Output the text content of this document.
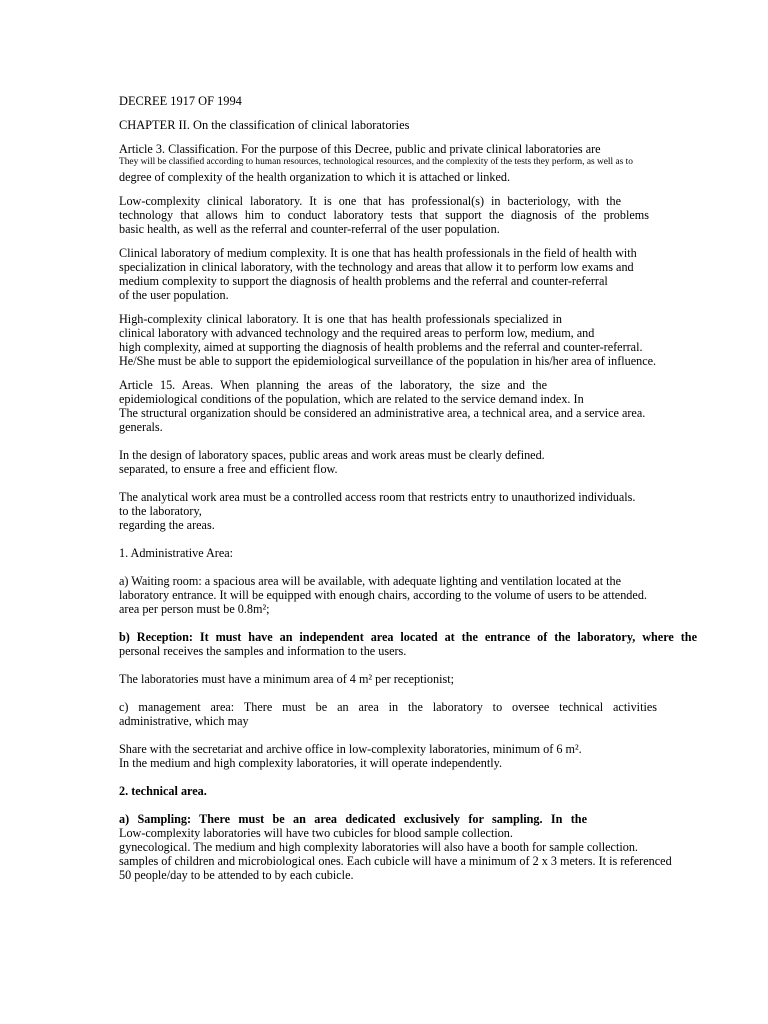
DECREE 1917 OF 1994

CHAPTER II. On the classification of clinical laboratories

Article 3. Classification. For the purpose of this Decree, public and private clinical laboratories are
They will be classified according to human resources, technological resources, and the complexity of the tests they perform, as well as to
degree of complexity of the health organization to which it is attached or linked.

Low-complexity clinical laboratory. It is one that has professional(s) in bacteriology, with the
technology that allows him to conduct laboratory tests that support the diagnosis of the problems
basic health, as well as the referral and counter-referral of the user population.

Clinical laboratory of medium complexity. It is one that has health professionals in the field of health with
specialization in clinical laboratory, with the technology and areas that allow it to perform low exams and
medium complexity to support the diagnosis of health problems and the referral and counter-referral
of the user population.

High-complexity clinical laboratory. It is one that has health professionals specialized in
clinical laboratory with advanced technology and the required areas to perform low, medium, and
high complexity, aimed at supporting the diagnosis of health problems and the referral and counter-referral.
He/She must be able to support the epidemiological surveillance of the population in his/her area of influence.

Article 15. Areas. When planning the areas of the laboratory, the size and the
epidemiological conditions of the population, which are related to the service demand index. In
The structural organization should be considered an administrative area, a technical area, and a service area.
generals.

In the design of laboratory spaces, public areas and work areas must be clearly defined.
separated, to ensure a free and efficient flow.

The analytical work area must be a controlled access room that restricts entry to unauthorized individuals.
to the laboratory,
regarding the areas.

1. Administrative Area:

a) Waiting room: a spacious area will be available, with adequate lighting and ventilation located at the
laboratory entrance. It will be equipped with enough chairs, according to the volume of users to be attended.
area per person must be 0.8m²;

b) Reception: It must have an independent area located at the entrance of the laboratory, where the
personal receives the samples and information to the users.

The laboratories must have a minimum area of 4 m² per receptionist;

c) management area: There must be an area in the laboratory to oversee technical activities
administrative, which may

Share with the secretariat and archive office in low-complexity laboratories, minimum of 6 m².
In the medium and high complexity laboratories, it will operate independently.

2. technical area.

a) Sampling: There must be an area dedicated exclusively for sampling. In the
Low-complexity laboratories will have two cubicles for blood sample collection.
gynecological. The medium and high complexity laboratories will also have a booth for sample collection.
samples of children and microbiological ones. Each cubicle will have a minimum of 2 x 3 meters. It is referenced
50 people/day to be attended to by each cubicle.
